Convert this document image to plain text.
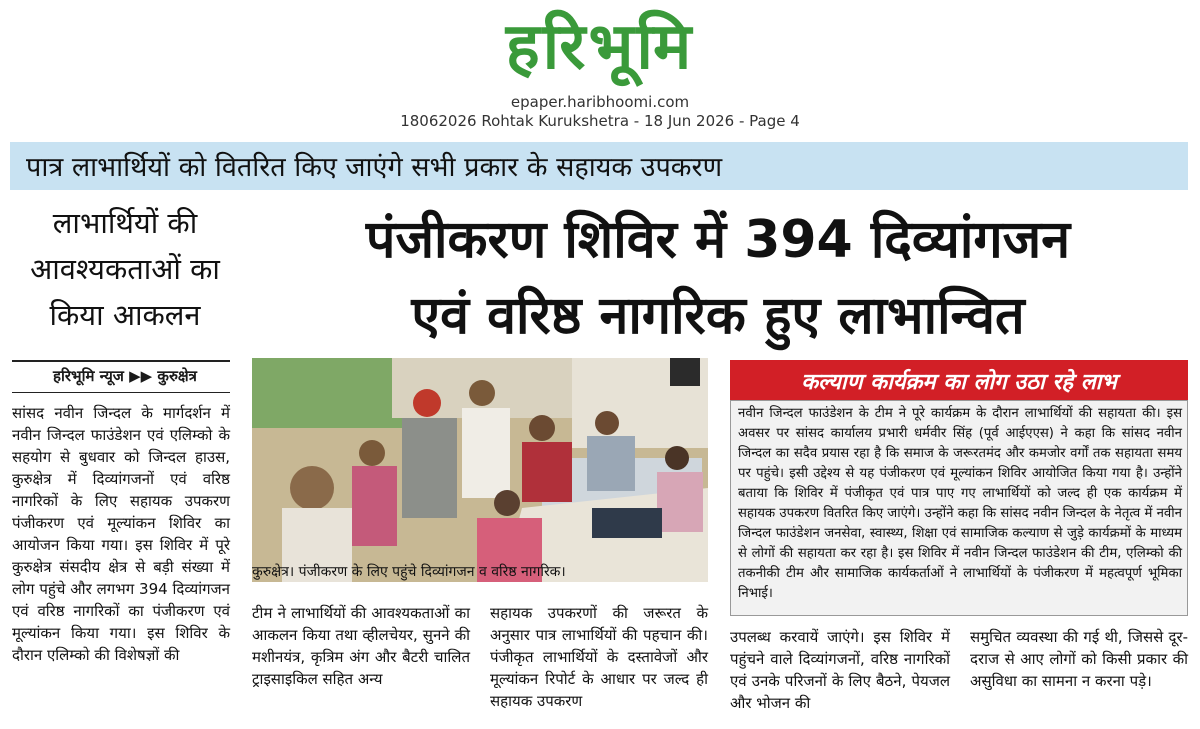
हरिभूमि
epaper.haribhoomi.com
18062026 Rohtak Kurukshetra - 18 Jun 2026 - Page 4
पात्र लाभार्थियों को वितरित किए जाएंगे सभी प्रकार के सहायक उपकरण
लाभार्थियों की आवश्यकताओं का किया आकलन
पंजीकरण शिविर में 394 दिव्यांगजन
एवं वरिष्ठ नागरिक हुए लाभान्वित
हरिभूमि न्यूज ▶▶ कुरुक्षेत्र
सांसद नवीन जिन्दल के मार्गदर्शन में नवीन जिन्दल फाउंडेशन एवं एलिम्को के सहयोग से बुधवार को जिन्दल हाउस, कुरुक्षेत्र में दिव्यांगजनों एवं वरिष्ठ नागरिकों के लिए सहायक उपकरण पंजीकरण एवं मूल्यांकन शिविर का आयोजन किया गया। इस शिविर में पूरे कुरुक्षेत्र संसदीय क्षेत्र से बड़ी संख्या में लोग पहुंचे और लगभग 394 दिव्यांगजन एवं वरिष्ठ नागरिकों का पंजीकरण एवं मूल्यांकन किया गया। इस शिविर के दौरान एलिम्को की विशेषज्ञों की
कुरुक्षेत्र। पंजीकरण के लिए पहुंचे दिव्यांगजन व वरिष्ठ नागरिक।
टीम ने लाभार्थियों की आवश्यकताओं का आकलन किया तथा व्हीलचेयर, सुनने की मशीनयंत्र, कृत्रिम अंग और बैटरी चालित ट्राइसाइकिल सहित अन्य
सहायक उपकरणों की जरूरत के अनुसार पात्र लाभार्थियों की पहचान की। पंजीकृत लाभार्थियों के दस्तावेजों और मूल्यांकन रिपोर्ट के आधार पर जल्द ही सहायक उपकरण
कल्याण कार्यक्रम का लोग उठा रहे लाभ
नवीन जिन्दल फाउंडेशन के टीम ने पूरे कार्यक्रम के दौरान लाभार्थियों की सहायता की। इस अवसर पर सांसद कार्यालय प्रभारी धर्मवीर सिंह (पूर्व आईएएस) ने कहा कि सांसद नवीन जिन्दल का सदैव प्रयास रहा है कि समाज के जरूरतमंद और कमजोर वर्गों तक सहायता समय पर पहुंचे। इसी उद्देश्य से यह पंजीकरण एवं मूल्यांकन शिविर आयोजित किया गया है। उन्होंने बताया कि शिविर में पंजीकृत एवं पात्र पाए गए लाभार्थियों को जल्द ही एक कार्यक्रम में सहायक उपकरण वितरित किए जाएंगे। उन्होंने कहा कि सांसद नवीन जिन्दल के नेतृत्व में नवीन जिन्दल फाउंडेशन जनसेवा, स्वास्थ्य, शिक्षा एवं सामाजिक कल्याण से जुड़े कार्यक्रमों के माध्यम से लोगों की सहायता कर रहा है। इस शिविर में नवीन जिन्दल फाउंडेशन की टीम, एलिम्को की तकनीकी टीम और सामाजिक कार्यकर्ताओं ने लाभार्थियों के पंजीकरण में महत्वपूर्ण भूमिका निभाई।
उपलब्ध करवायें जाएंगे। इस शिविर में पहुंचने वाले दिव्यांगजनों, वरिष्ठ नागरिकों एवं उनके परिजनों के लिए बैठने, पेयजल और भोजन की
समुचित व्यवस्था की गई थी, जिससे दूर-दराज से आए लोगों को किसी प्रकार की असुविधा का सामना न करना पड़े।
